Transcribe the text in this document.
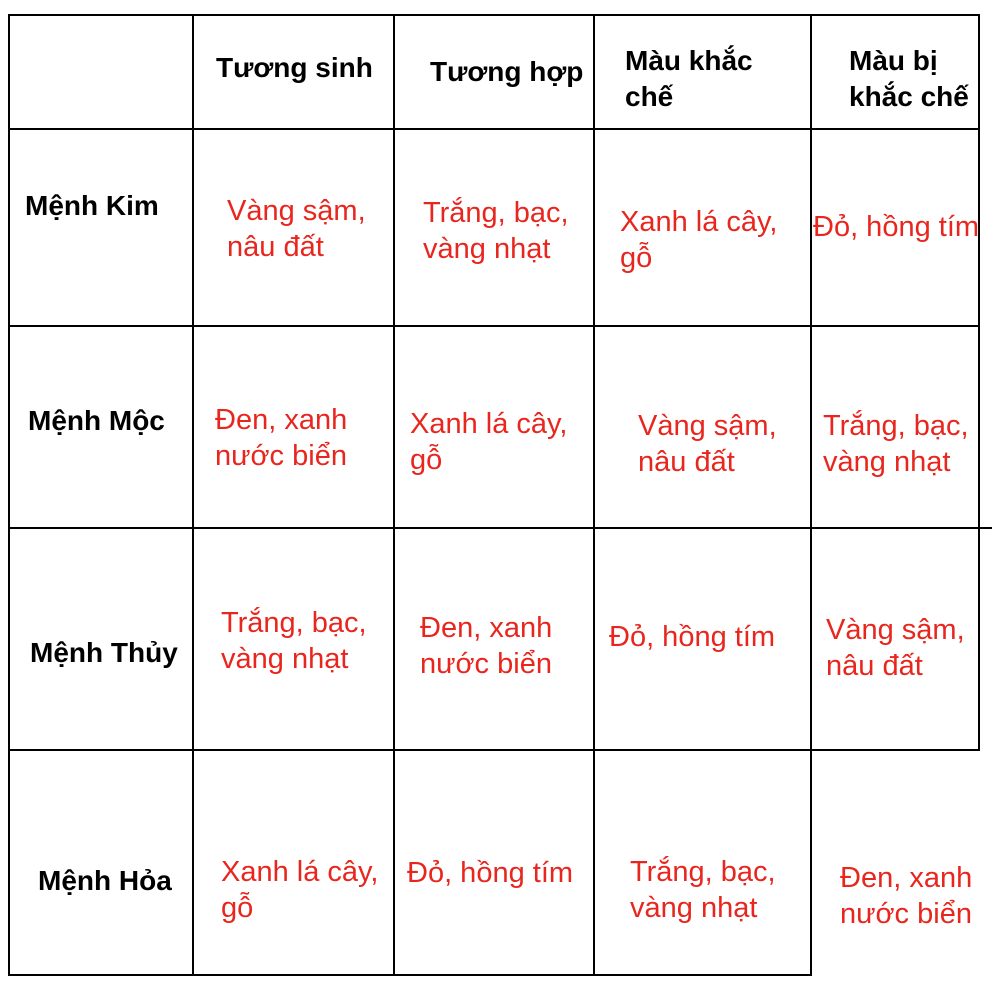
Tương sinh Tương hợp Màu khắc
chế
Màu bị
khắc chế
Mệnh Kim Vàng sậm,
nâu đất
Trắng, bạc,
vàng nhạt
Xanh lá cây,
gỗ
Đỏ, hồng tím
Mệnh Mộc Đen, xanh
nước biển
Xanh lá cây,
gỗ
Vàng sậm,
nâu đất
Trắng, bạc,
vàng nhạt
Mệnh Thủy
Trắng, bạc,
vàng nhạt
Đen, xanh
nước biển
Đỏ, hồng tím Vàng sậm,
nâu đất
Mệnh Hỏa Xanh lá cây,
gỗ
Đỏ, hồng tím Trắng, bạc,
vàng nhạt
Đen, xanh
nước biển
